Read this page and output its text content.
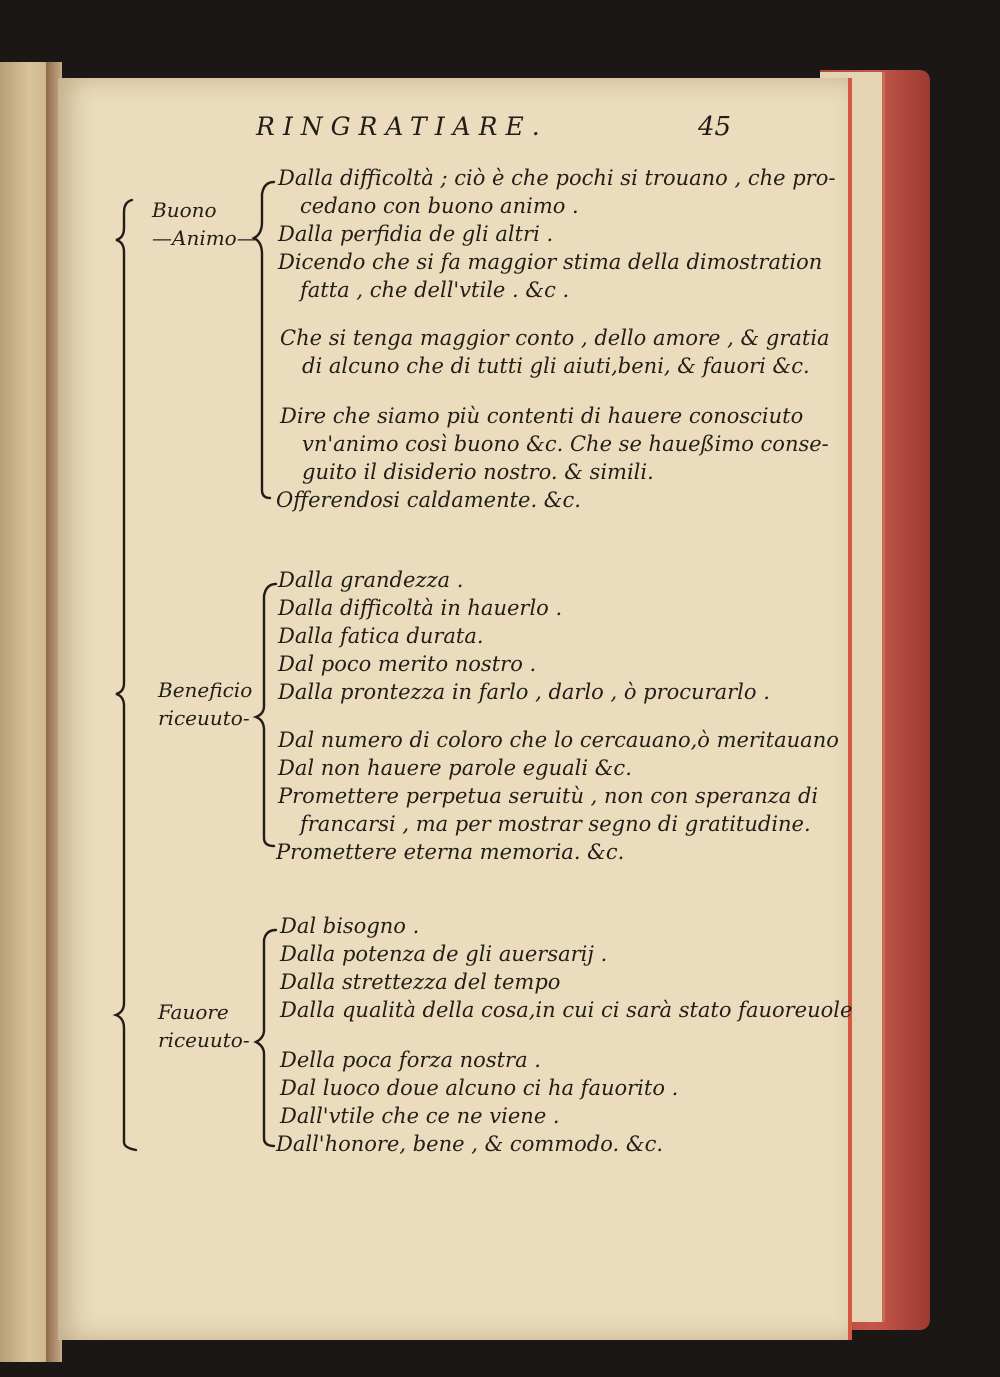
RINGRATIARE.	45
Buono
—Animo—
Beneficio
riceuuto-
Fauore
riceuuto-
Dalla difficoltà ; ciò è che pochi si trouano , che pro-
cedano con buono animo .
Dalla perfidia de gli altri .
Dicendo che si fa maggior stima della dimostration
fatta , che dell'vtile . &c .
Che si tenga maggior conto , dello amore , & gratia
di alcuno che di tutti gli aiuti,beni, & fauori &c.
Dire che siamo più contenti di hauere conosciuto
vn'animo così buono &c. Che se haueßimo conse-
guito il disiderio nostro. & simili.
Offerendosi caldamente. &c.
Dalla grandezza .
Dalla difficoltà in hauerlo .
Dalla fatica durata.
Dal poco merito nostro .
Dalla prontezza in farlo , darlo , ò procurarlo .
Dal numero di coloro che lo cercauano,ò meritauano
Dal non hauere parole eguali &c.
Promettere perpetua seruitù , non con speranza di
francarsi , ma per mostrar segno di gratitudine.
Promettere eterna memoria. &c.
Dal bisogno .
Dalla potenza de gli auersarij .
Dalla strettezza del tempo
Dalla qualità della cosa,in cui ci sarà stato fauoreuole
Della poca forza nostra .
Dal luoco doue alcuno ci ha fauorito .
Dall'vtile che ce ne viene .
Dall'honore, bene , & commodo. &c.
